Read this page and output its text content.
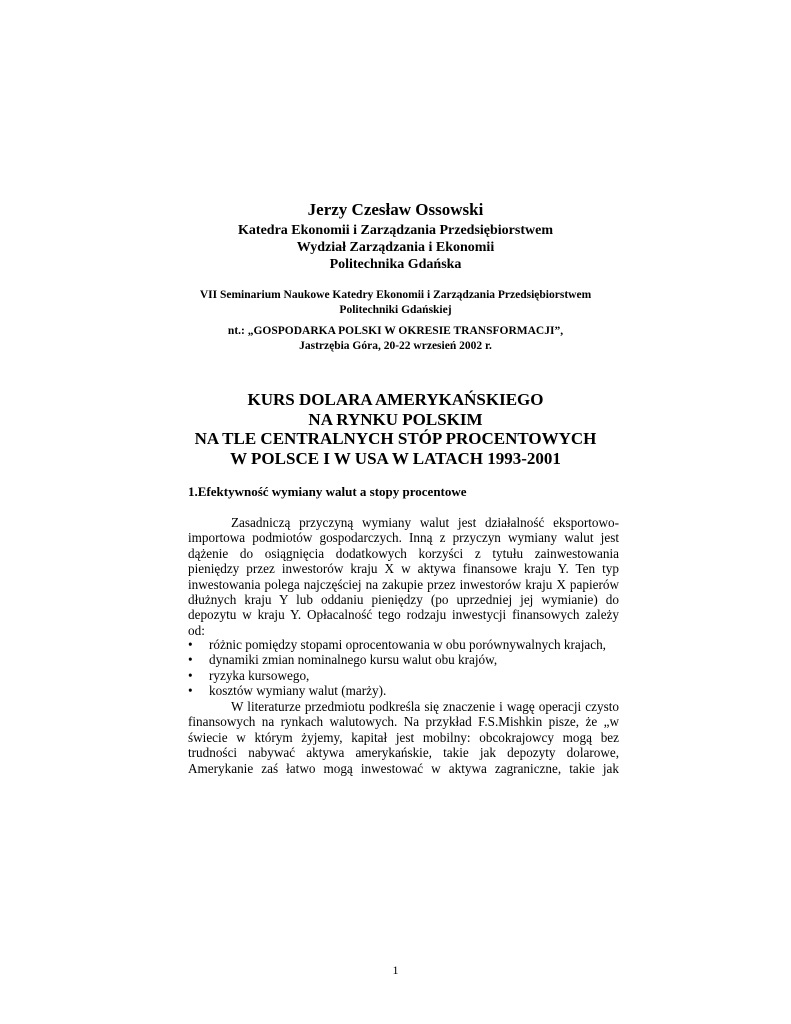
Jerzy Czesław Ossowski
Katedra Ekonomii i Zarządzania Przedsiębiorstwem
Wydział Zarządzania i Ekonomii
Politechnika Gdańska
VII Seminarium Naukowe Katedry Ekonomii i Zarządzania Przedsiębiorstwem
Politechniki Gdańskiej
nt.: „GOSPODARKA POLSKI W OKRESIE TRANSFORMACJI”,
Jastrzębia Góra, 20-22 wrzesień 2002 r.
KURS DOLARA AMERYKAŃSKIEGO
NA RYNKU POLSKIM
NA TLE CENTRALNYCH STÓP PROCENTOWYCH
W POLSCE I W USA W LATACH 1993-2001
1.Efektywność wymiany walut a stopy procentowe
Zasadniczą przyczyną wymiany walut jest działalność eksportowo-
importowa podmiotów gospodarczych. Inną z przyczyn wymiany walut jest
dążenie do osiągnięcia dodatkowych korzyści z tytułu zainwestowania
pieniędzy przez inwestorów kraju X w aktywa finansowe kraju Y. Ten typ
inwestowania polega najczęściej na zakupie przez inwestorów kraju X papierów
dłużnych kraju Y lub oddaniu pieniędzy (po uprzedniej jej wymianie) do
depozytu w kraju Y. Opłacalność tego rodzaju inwestycji finansowych zależy
od:
•	różnic pomiędzy stopami oprocentowania w obu porównywalnych krajach,
•	dynamiki zmian nominalnego kursu walut obu krajów,
•	ryzyka kursowego,
•	kosztów wymiany walut (marży).
W literaturze przedmiotu podkreśla się znaczenie i wagę operacji czysto
finansowych na rynkach walutowych. Na przykład F.S.Mishkin pisze, że „w
świecie w którym żyjemy, kapitał jest mobilny: obcokrajowcy mogą bez
trudności nabywać aktywa amerykańskie, takie jak depozyty dolarowe,
Amerykanie zaś łatwo mogą inwestować w aktywa zagraniczne, takie jak
1
